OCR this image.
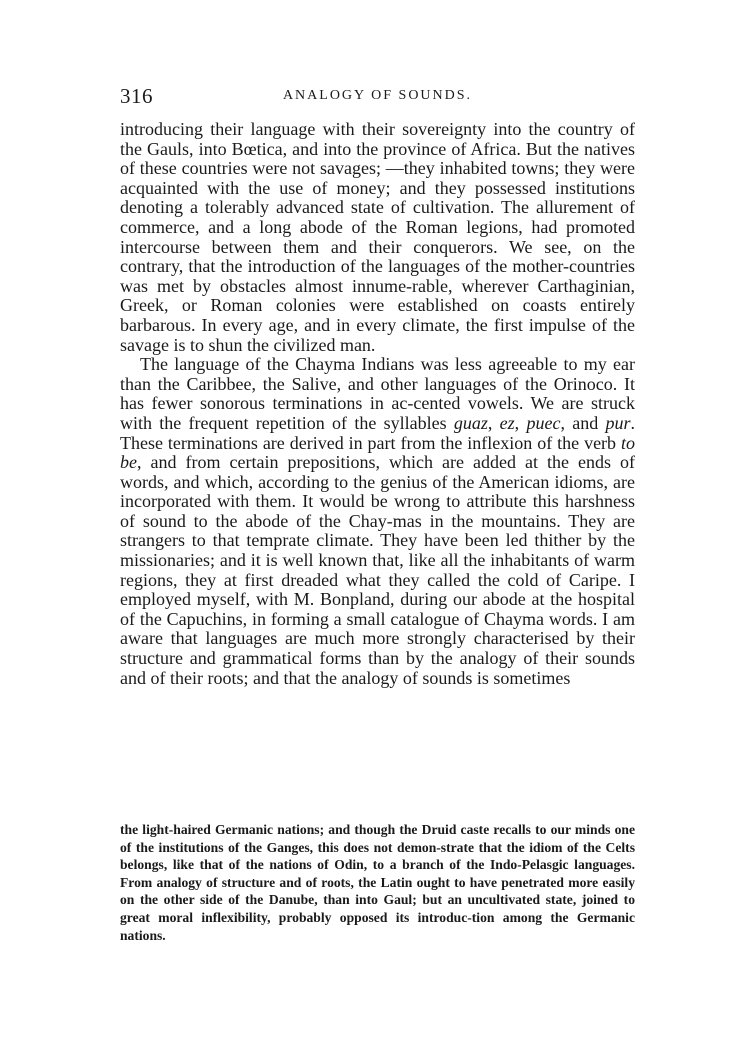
316	ANALOGY OF SOUNDS.

introducing their language with their sovereignty into the country of the Gauls, into Bœtica, and into the province of Africa. But the natives of these countries were not savages; —they inhabited towns; they were acquainted with the use of money; and they possessed institutions denoting a tolerably advanced state of cultivation. The allurement of commerce, and a long abode of the Roman legions, had promoted intercourse between them and their conquerors. We see, on the contrary, that the introduction of the languages of the mother-countries was met by obstacles almost innume-rable, wherever Carthaginian, Greek, or Roman colonies were established on coasts entirely barbarous. In every age, and in every climate, the first impulse of the savage is to shun the civilized man.

The language of the Chayma Indians was less agreeable to my ear than the Caribbee, the Salive, and other languages of the Orinoco. It has fewer sonorous terminations in ac-cented vowels. We are struck with the frequent repetition of the syllables guaz, ez, puec, and pur. These terminations are derived in part from the inflexion of the verb to be, and from certain prepositions, which are added at the ends of words, and which, according to the genius of the American idioms, are incorporated with them. It would be wrong to attribute this harshness of sound to the abode of the Chay-mas in the mountains. They are strangers to that temprate climate. They have been led thither by the missionaries; and it is well known that, like all the inhabitants of warm regions, they at first dreaded what they called the cold of Caripe. I employed myself, with M. Bonpland, during our abode at the hospital of the Capuchins, in forming a small catalogue of Chayma words. I am aware that languages are much more strongly characterised by their structure and grammatical forms than by the analogy of their sounds and of their roots; and that the analogy of sounds is sometimes

the light-haired Germanic nations; and though the Druid caste recalls to our minds one of the institutions of the Ganges, this does not demon-strate that the idiom of the Celts belongs, like that of the nations of Odin, to a branch of the Indo-Pelasgic languages. From analogy of structure and of roots, the Latin ought to have penetrated more easily on the other side of the Danube, than into Gaul; but an uncultivated state, joined to great moral inflexibility, probably opposed its introduc-tion among the Germanic nations.
